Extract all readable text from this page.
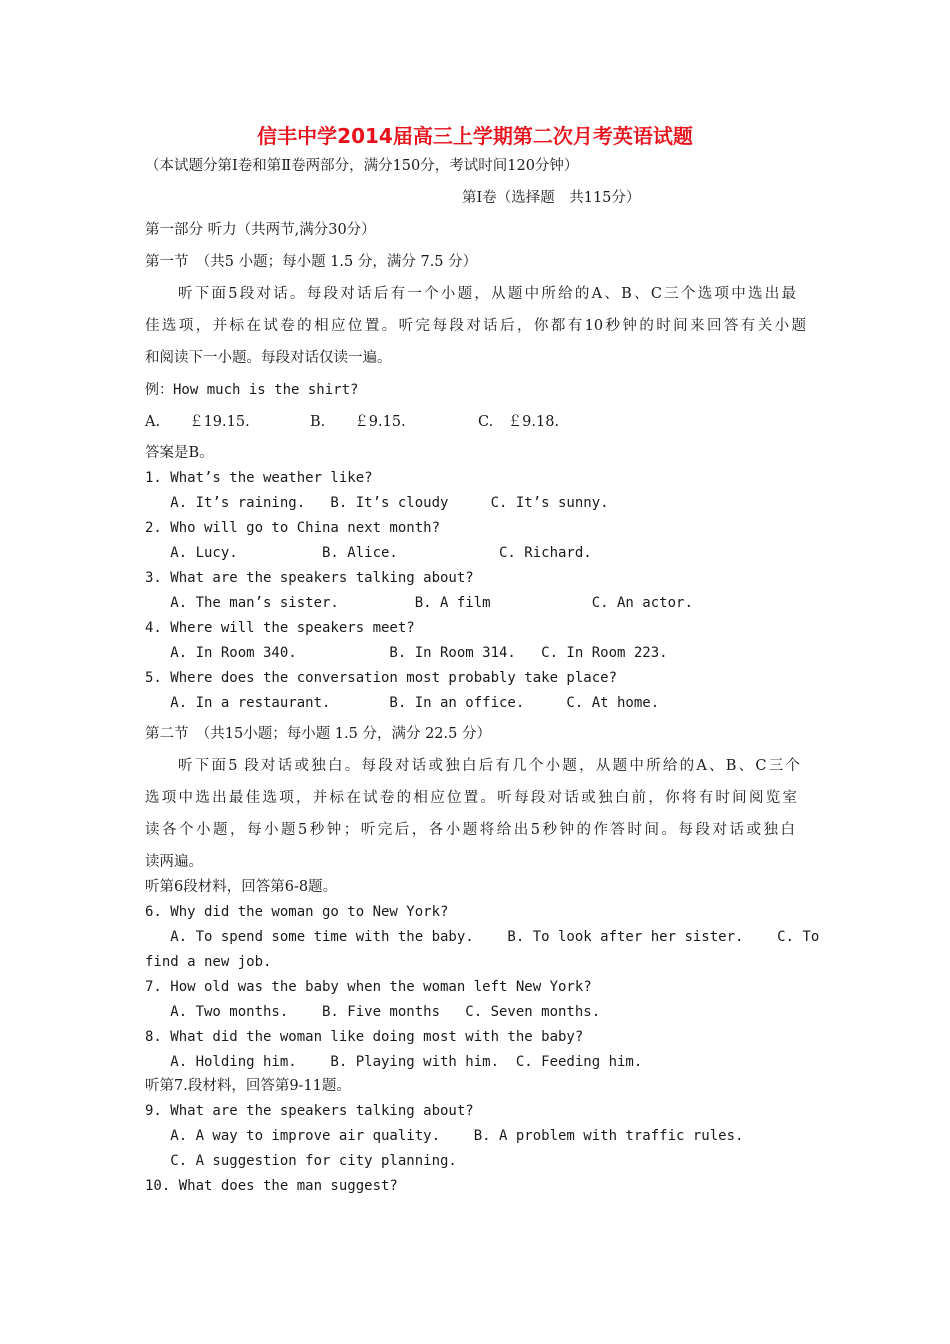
信丰中学2014届高三上学期第二次月考英语试题
（本试题分第Ⅰ卷和第Ⅱ卷两部分，满分150分，考试时间120分钟）
第Ⅰ卷（选择题　共115分）
第一部分 听力（共两节,满分30分）
第一节　（共5 小题；每小题 1.5 分，满分 7.5 分）
听下面5段对话。每段对话后有一个小题，从题中所给的A、B、C三个选项中选出最
佳选项，并标在试卷的相应位置。听完每段对话后，你都有10秒钟的时间来回答有关小题
和阅读下一小题。每段对话仅读一遍。
例：How much is the shirt?
A.　　￡19.15.	B.　　￡9.15.	C.　￡9.18.
答案是B。
1. What’s the weather like?
A. It’s raining.   B. It’s cloudy     C. It’s sunny.
2. Who will go to China next month?
A. Lucy.          B. Alice.            C. Richard.
3. What are the speakers talking about?
A. The man’s sister.         B. A film            C. An actor.
4. Where will the speakers meet?
A. In Room 340.           B. In Room 314.   C. In Room 223.
5. Where does the conversation most probably take place?
A. In a restaurant.       B. In an office.     C. At home.
第二节　（共15小题；每小题 1.5 分，满分 22.5 分）
听下面5 段对话或独白。每段对话或独白后有几个小题，从题中所给的A、B、C三个
选项中选出最佳选项，并标在试卷的相应位置。听每段对话或独白前，你将有时间阅览室
读各个小题，每小题5秒钟；听完后，各小题将给出5秒钟的作答时间。每段对话或独白
读两遍。
听第6段材料，回答第6-8题。
6. Why did the woman go to New York?
A. To spend some time with the baby.    B. To look after her sister.    C. To
find a new job.
7. How old was the baby when the woman left New York?
A. Two months.    B. Five months   C. Seven months.
8. What did the woman like doing most with the baby?
A. Holding him.    B. Playing with him.  C. Feeding him.
听第7.段材料，回答第9-11题。
9. What are the speakers talking about?
A. A way to improve air quality.    B. A problem with traffic rules.
C. A suggestion for city planning.
10. What does the man suggest?
